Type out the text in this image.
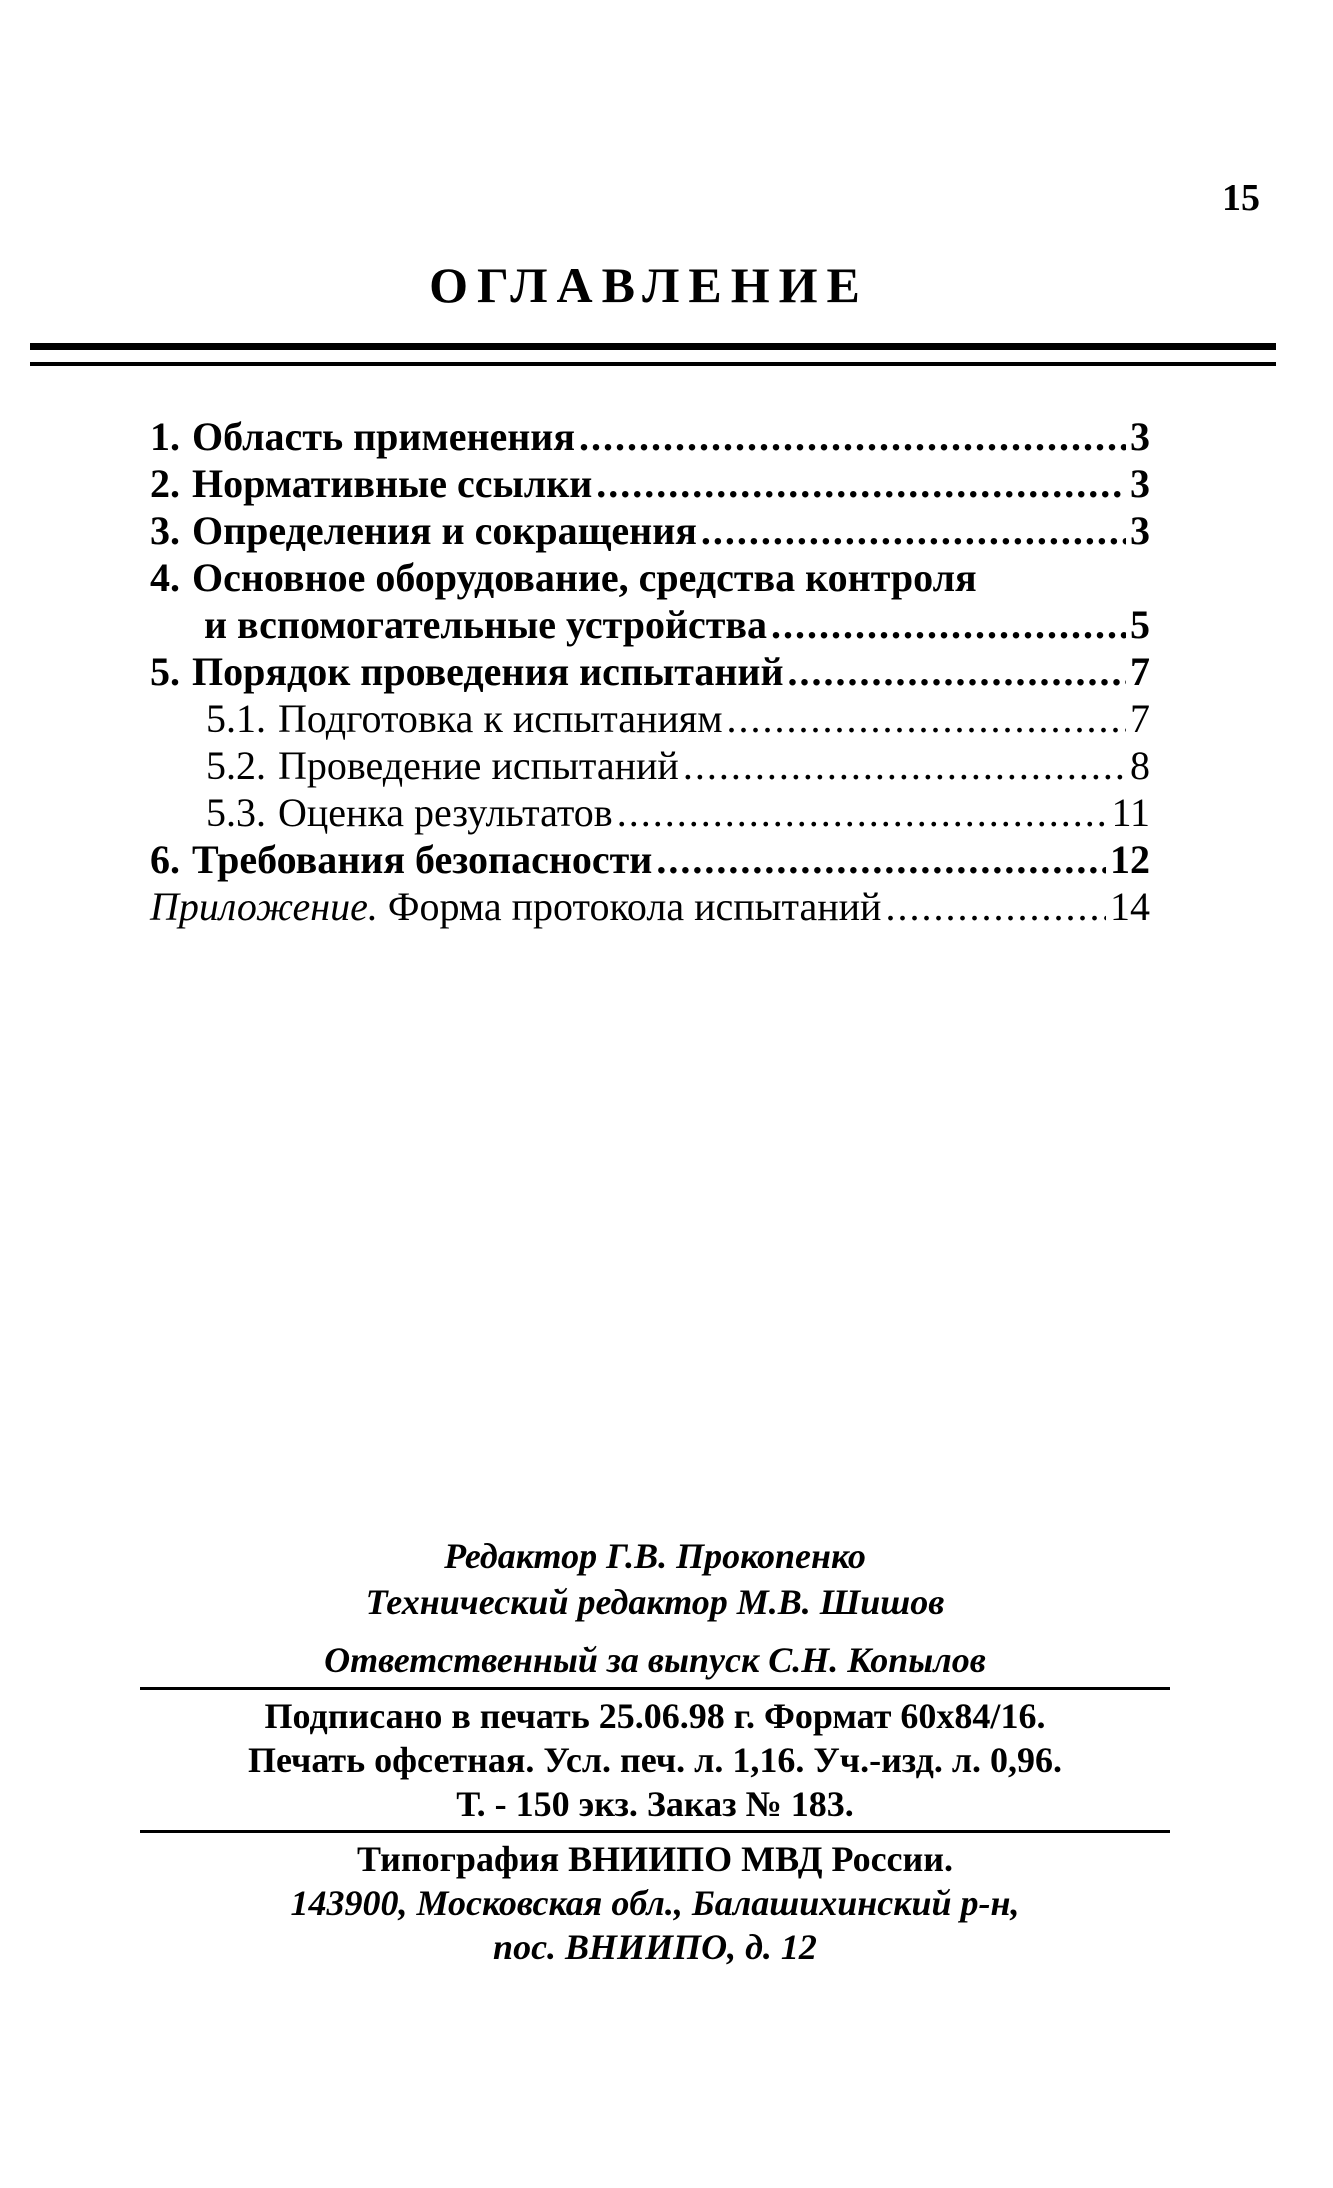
15
ОГЛАВЛЕНИЕ
1. Область применения .....	3
2. Нормативные ссылки .....	3
3. Определения и сокращения .....	3
4. Основное оборудование, средства контроля
и вспомогательные устройства .....	5
5. Порядок проведения испытаний .....	7
5.1. Подготовка к испытаниям .....	7
5.2. Проведение испытаний .....	8
5.3. Оценка результатов .....	11
6. Требования безопасности .....	12
Приложение. Форма протокола испытаний .....	14
Редактор Г.В. Прокопенко
Технический редактор М.В. Шишов
Ответственный за выпуск С.Н. Копылов
Подписано в печать 25.06.98 г. Формат 60х84/16.
Печать офсетная. Усл. печ. л. 1,16. Уч.-изд. л. 0,96.
Т. - 150 экз. Заказ № 183.
Типография ВНИИПО МВД России.
143900, Московская обл., Балашихинский р-н,
пос. ВНИИПО, д. 12
